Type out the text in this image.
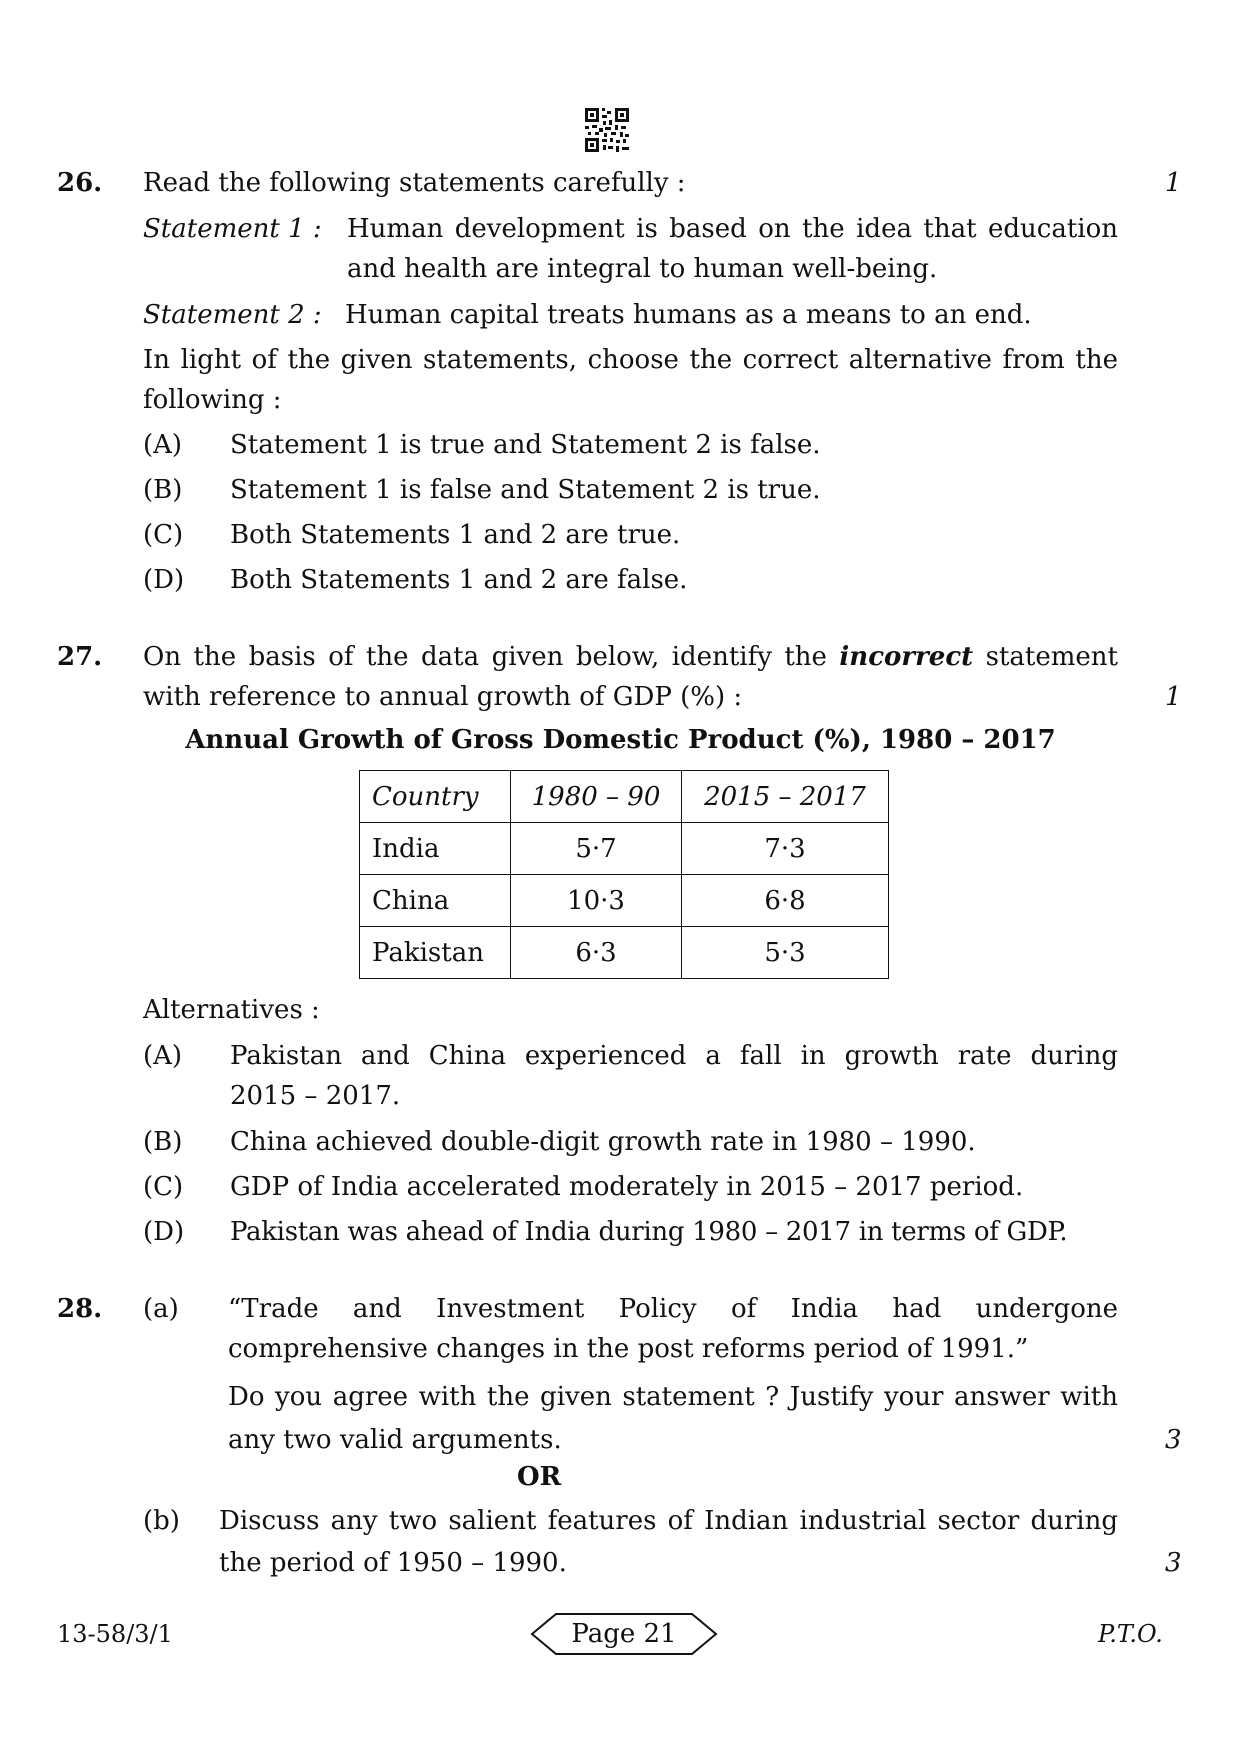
26.	1
Read the following statements carefully :
Statement 1 : Human development is based on the idea that education
and health are integral to human well-being.
Statement 2 : Human capital treats humans as a means to an end.
In light of the given statements, choose the correct alternative from the
following :
(A) Statement 1 is true and Statement 2 is false.
(B) Statement 1 is false and Statement 2 is true.
(C) Both Statements 1 and 2 are true.
(D) Both Statements 1 and 2 are false.
27. On the basis of the data given below, identify the incorrect statement
with reference to annual growth of GDP (%) :	1
Annual Growth of Gross Domestic Product (%), 1980 – 2017
Country	1980 – 90	2015 – 2017
India	5·7	7·3
China	10·3	6·8
Pakistan	6·3	5·3
Alternatives :
(A) Pakistan and China experienced a fall in growth rate during
2015 – 2017.
(B) China achieved double-digit growth rate in 1980 – 1990.
(C) GDP of India accelerated moderately in 2015 – 2017 period.
(D) Pakistan was ahead of India during 1980 – 2017 in terms of GDP.
28. (a) “Trade and Investment Policy of India had undergone
comprehensive changes in the post reforms period of 1991.”
Do you agree with the given statement ? Justify your answer with
any two valid arguments.	3
OR
(b) Discuss any two salient features of Indian industrial sector during
the period of 1950 – 1990.	3
13-58/3/1	Page 21	P.T.O.
